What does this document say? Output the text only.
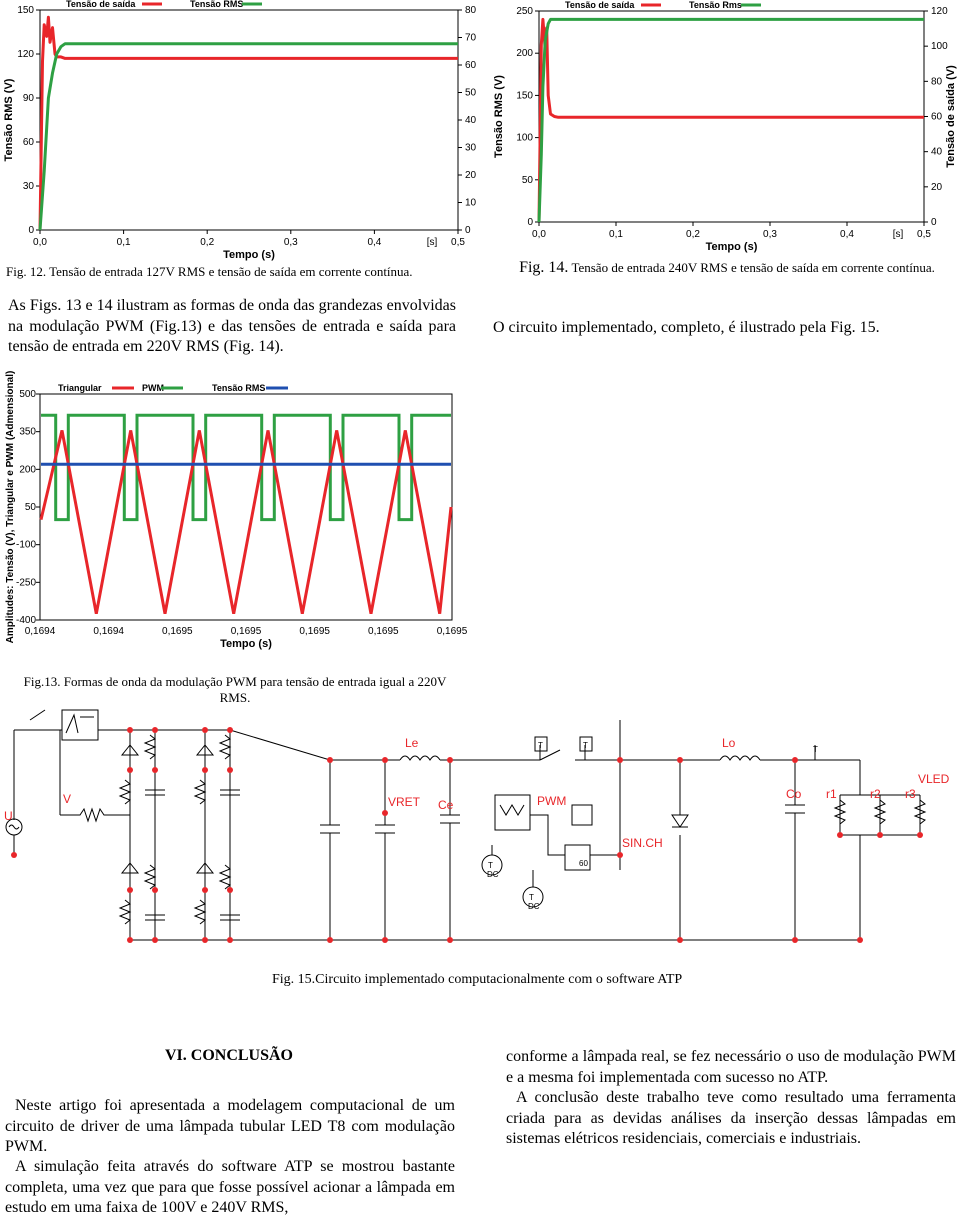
0,0	0,1	0,2	0,3	0,4	0,5
0
30
60
90
120
150
0
10
20
30
40
50
60
70
80
Tempo (s)
[s]
Tensão RMS (V)
Tensão de saída	Tensão RMS
Fig. 12. Tensão de entrada 127V RMS e tensão de saída em corrente contínua.
0,0	0,1	0,2	0,3	0,4	0,5
0
50
100
150
200
250
0
20
40
60
80
100
120
Tempo (s)
[s]
Tensão RMS (V)	Tensão de saída (V)
Tensão de saída	Tensão Rms
Fig. 14. Tensão de entrada 240V RMS e tensão de saída em corrente contínua.
As Figs. 13 e 14 ilustram as formas de onda das grandezas envolvidas na modulação PWM (Fig.13) e das tensões de entrada e saída para tensão de entrada em 220V RMS (Fig. 14).
O circuito implementado, completo, é ilustrado pela Fig. 15.
-400
-250
-100
50
200
350
500
0,1694	0,1694	0,1695	0,1695	0,1695	0,1695	0,1695
Tempo (s)
Amplitudes: Tensão (V), Triangular e PWM (Admensional)	Triangular	PWM	Tensão RMS
Fig.13. Formas de onda da modulação PWM para tensão de entrada igual a 220V RMS.
Le	Lo
VRET Ce	PWM	Co r1	r2 r3
VLED
SIN.CH
U
V
T
DC
T
DC
60
T	T	T
Fig. 15.Circuito implementado computacionalmente com o software ATP
VI. CONCLUSÃO
Neste artigo foi apresentada a modelagem computacional de um circuito de driver de uma lâmpada tubular LED T8 com modulação PWM.
A simulação feita através do software ATP se mostrou bastante completa, uma vez que para que fosse possível acionar a lâmpada em estudo em uma faixa de 100V e 240V RMS,
conforme a lâmpada real, se fez necessário o uso de modulação PWM e a mesma foi implementada com sucesso no ATP.
A conclusão deste trabalho teve como resultado uma ferramenta criada para as devidas análises da inserção dessas lâmpadas em sistemas elétricos residenciais, comerciais e industriais.
